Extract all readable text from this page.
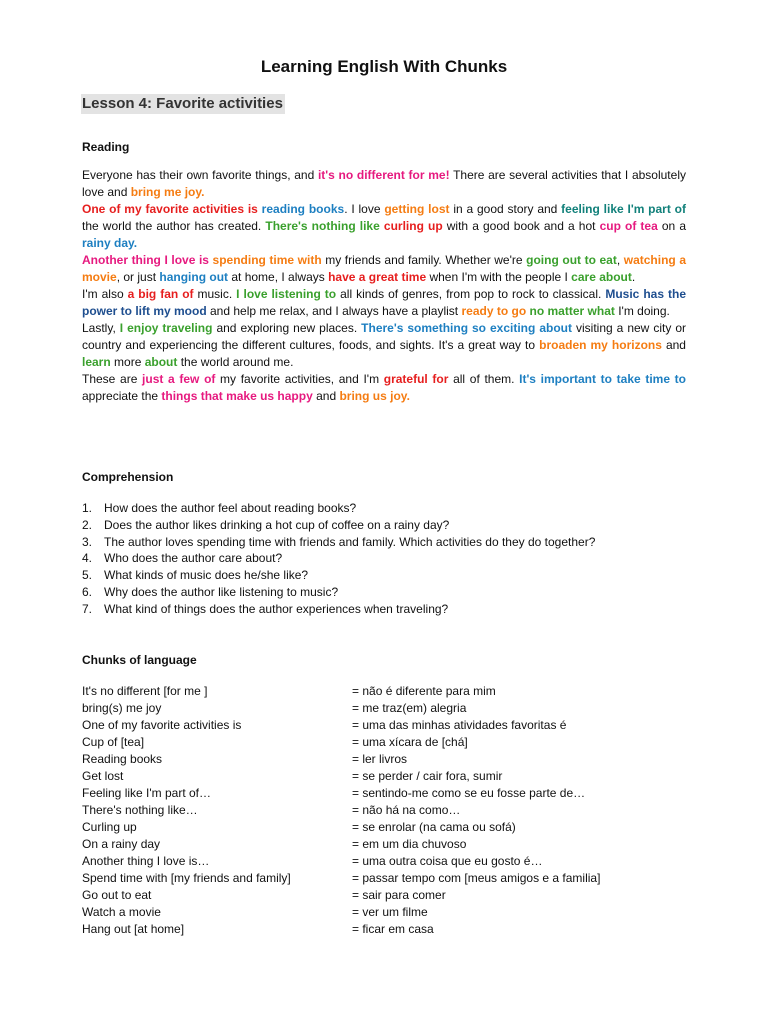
Learning English With Chunks
Lesson 4: Favorite activities
Reading

Everyone has their own favorite things, and it's no different for me! There are several activities that I absolutely love and bring me joy.

One of my favorite activities is reading books. I love getting lost in a good story and feeling like I'm part of the world the author has created. There's nothing like curling up with a good book and a hot cup of tea on a rainy day.

Another thing I love is spending time with my friends and family. Whether we're going out to eat, watching a movie, or just hanging out at home, I always have a great time when I'm with the people I care about.

I'm also a big fan of music. I love listening to all kinds of genres, from pop to rock to classical. Music has the power to lift my mood and help me relax, and I always have a playlist ready to go no matter what I'm doing.

Lastly, I enjoy traveling and exploring new places. There's something so exciting about visiting a new city or country and experiencing the different cultures, foods, and sights. It's a great way to broaden my horizons and learn more about the world around me.

These are just a few of my favorite activities, and I'm grateful for all of them. It's important to take time to appreciate the things that make us happy and bring us joy.

Comprehension
1. How does the author feel about reading books?
2. Does the author likes drinking a hot cup of coffee on a rainy day?
3. The author loves spending time with friends and family. Which activities do they do together?
4. Who does the author care about?
5. What kinds of music does he/she like?
6. Why does the author like listening to music?
7. What kind of things does the author experiences when traveling?
Chunks of language
It's no different [for me ]	= não é diferente para mim
bring(s) me joy	= me traz(em) alegria
One of my favorite activities is	= uma das minhas atividades favoritas é
Cup of [tea]	= uma xícara de [chá]
Reading books	= ler livros
Get lost	= se perder / cair fora, sumir
Feeling like I'm part of…	= sentindo-me como se eu fosse parte de…
There's nothing like…	= não há na como…
Curling up	= se enrolar (na cama ou sofá)
On a rainy day	= em um dia chuvoso
Another thing I love is…	= uma outra coisa que eu gosto é…
Spend time with [my friends and family]	= passar tempo com [meus amigos e a familia]
Go out to eat	= sair para comer
Watch a movie	= ver um filme
Hang out [at home]	= ficar em casa
